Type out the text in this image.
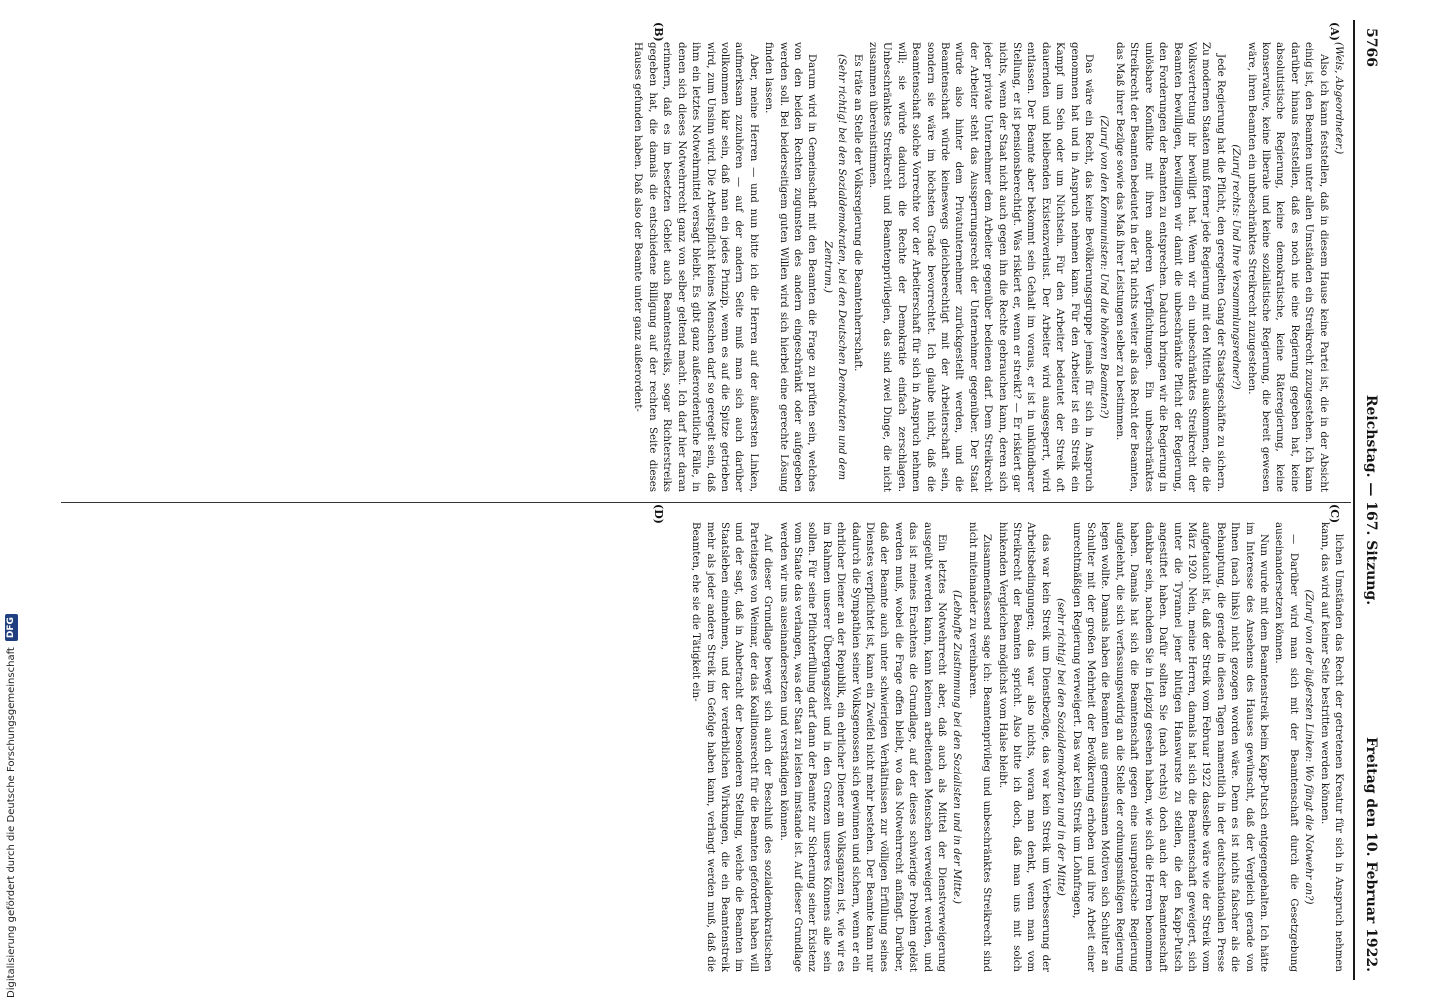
5766
Reichstag. — 167. Sitzung.
Freitag den 10. Februar 1922.
(A)
(B)
(C)
(D)

(Wels, Abgeordneter.)

Also ich kann feststellen, daß in diesem Hause keine Partei ist, die in der Absicht einig ist, den Beamten unter allen Umständen ein Streikrecht zuzugestehen. Ich kann darüber hinaus feststellen, daß es noch nie eine Regierung gegeben hat, keine absolutistische Regierung, keine demokratische, keine Räteregierung, keine konservative, keine liberale und keine sozialistische Regierung, die bereit gewesen wäre, ihren Beamten ein unbeschränktes Streikrecht zuzugestehen.

(Zuruf rechts: Und Ihre Versammlungsredner?)

Jede Regierung hat die Pflicht, den geregelten Gang der Staatsgeschäfte zu sichern. Zu modernen Staaten muß ferner jede Regierung mit den Mitteln auskommen, die die Volksvertretung ihr bewilligt hat. Wenn wir ein unbeschränktes Streikrecht der Beamten bewilligen, bewilligen wir damit die unbeschränkte Pflicht der Regierung, den Forderungen der Beamten zu entsprechen. Dadurch bringen wir die Regierung in unlösbare Konflikte mit ihren anderen Verpflichtungen. Ein unbeschränktes Streikrecht der Beamten bedeutet in der Tat nichts weiter als das Recht der Beamten, das Maß ihrer Bezüge sowie das Maß ihrer Leistungen selber zu bestimmen.

(Zuruf von den Kommunisten: Und die höheren Beamten?)

Das wäre ein Recht, das keine Bevölkerungsgruppe jemals für sich in Anspruch genommen hat und in Anspruch nehmen kann. Für den Arbeiter ist ein Streik ein Kampf um Sein oder um Nichtsein. Für den Arbeiter bedeutet der Streik oft dauernden und bleibenden Existenzverlust. Der Arbeiter wird ausgesperrt, wird entlassen. Der Beamte aber bekommt sein Gehalt im voraus, er ist in unkündbarer Stellung, er ist pensionsberechtigt. Was riskiert er, wenn er streikt? — Er riskiert gar nichts, wenn der Staat nicht auch gegen ihn die Rechte gebrauchen kann, deren sich jeder private Unternehmer dem Arbeiter gegenüber bedienen darf. Dem Streikrecht der Arbeiter steht das Aussperrungsrecht der Unternehmer gegenüber. Der Staat würde also hinter dem Privatunternehmer zurückgestellt werden, und die Beamtenschaft würde keineswegs gleichberechtigt mit der Arbeiterschaft sein, sondern sie wäre im höchsten Grade bevorrechtet. Ich glaube nicht, daß die Beamtenschaft solche Vorrechte vor der Arbeiterschaft für sich in Anspruch nehmen will; sie würde dadurch die Rechte der Demokratie einfach zerschlagen. Unbeschränktes Streikrecht und Beamtenprivilegien, das sind zwei Dinge, die nicht zusammen übereinstimmen.

Es träte an Stelle der Volksregierung die Beamtenherrschaft.

(Sehr richtig! bei den Sozialdemokraten, bei den Deutschen Demokraten und dem Zentrum.)

Darum wird in Gemeinschaft mit den Beamten die Frage zu prüfen sein, welches von den beiden Rechten zugunsten des andern eingeschränkt oder aufgegeben werden soll. Bei beiderseitigem guten Willen wird sich hierbei eine gerechte Lösung finden lassen.

Aber, meine Herren — und nun bitte ich die Herren auf der äußersten Linken, aufmerksam zuzuhören — auf der andern Seite muß man sich auch darüber vollkommen klar sein, daß man ein jedes Prinzip, wenn es auf die Spitze getrieben wird, zum Unsinn wird. Die Arbeitspflicht keines Menschen darf so geregelt sein, daß ihm ein letztes Notwehrmittel versagt bleibt. Es gibt ganz außerordentliche Fälle, in denen sich dieses Notwehrrecht ganz von selber geltend macht. Ich darf hier daran erinnern, daß es im besetzten Gebiet auch Beamtenstreiks, sogar Richterstreiks gegeben hat, die damals die entschiedene Billigung auf der rechten Seite dieses Hauses gefunden haben. Daß also der Beamte unter ganz außerordent-

lichen Umständen das Recht der getretenen Kreatur für sich in Anspruch nehmen kann, das wird auf keiner Seite bestritten werden können.

(Zuruf von der äußersten Linken: Wo fängt die Notwehr an?)

— Darüber wird man sich mit der Beamtenschaft durch die Gesetzgebung auseinandersetzen können.

Nun wurde mit dem Beamtenstreik beim Kapp-Putsch entgegengehalten. Ich hätte im Interesse des Ansehens des Hauses gewünscht, daß der Vergleich gerade von Ihnen (nach links) nicht gezogen worden wäre. Denn es ist nichts falscher als die Behauptung, die gerade in diesen Tagen namentlich in der deutschnationalen Presse aufgetaucht ist, daß der Streik vom Februar 1922 dasselbe wäre wie der Streik vom März 1920. Nein, meine Herren, damals hat sich die Beamtenschaft geweigert, sich unter die Tyrannei jener blutigen Hanswurste zu stellen, die den Kapp-Putsch angestiftet haben. Dafür sollten Sie (nach rechts) doch auch der Beamtenschaft dankbar sein, nachdem Sie in Leipzig gesehen haben, wie sich die Herren benommen haben. Damals hat sich die Beamtenschaft gegen eine usurpatorische Regierung aufgelehnt, die sich verfassungswidrig an die Stelle der ordnungsmäßigen Regierung legen wollte. Damals haben die Beamten aus gemeinsamen Motiven sich Schulter an Schulter mit der großen Mehrheit der Bevölkerung erhoben und ihre Arbeit einer unrechtmäßigen Regierung verweigert. Das war kein Streik um Lohnfragen,

(sehr richtig! bei den Sozialdemokraten und in der Mitte)

das war kein Streik um Dienstbezüge, das war kein Streik um Verbesserung der Arbeitsbedingungen; das war also nichts, woran man denkt, wenn man vom Streikrecht der Beamten spricht. Also bitte ich doch, daß man uns mit solch hinkenden Vergleichen möglichst vom Halse bleibt.

Zusammenfassend sage ich: Beamtenprivileg und unbeschränktes Streikrecht sind nicht miteinander zu vereinbaren.

(Lebhafte Zustimmung bei den Sozialisten und in der Mitte.)

Ein letztes Notwehrrecht aber, daß auch als Mittel der Dienstverweigerung ausgeübt werden kann, kann keinem arbeitenden Menschen verweigert werden, und das ist meines Erachtens die Grundlage, auf der dieses schwierige Problem gelöst werden muß, wobei die Frage offen bleibt, wo das Notwehrrecht anfängt. Darüber, daß der Beamte auch unter schwierigen Verhältnissen zur völligen Erfüllung seines Dienstes verpflichtet ist, kann ein Zweifel nicht mehr bestehen. Der Beamte kann nur dadurch die Sympathien seiner Volksgenossen sich gewinnen und sichern, wenn er ein ehrlicher Diener an der Republik, ein ehrlicher Diener am Volksganzen ist, wie wir es im Rahmen unserer Übergangszeit und in den Grenzen unseres Könnens alle sein sollen. Für seine Pflichterfüllung darf dann der Beamte zur Sicherung seiner Existenz vom Staate das verlangen, was der Staat zu leisten imstande ist. Auf dieser Grundlage werden wir uns auseinandersetzen und verständigen können.

Auf dieser Grundlage bewegt sich auch der Beschluß des sozialdemokratischen Parteitages von Weimar, der das Koalitionsrecht für die Beamten gefordert haben will und der sagt, daß in Anbetracht der besonderen Stellung, welche die Beamten im Staatsleben einnehmen, und der verderblichen Wirkungen, die ein Beamtenstreik mehr als jeder andere Streik im Gefolge haben kann, verlangt werden muß, daß die Beamten, ehe sie die Tätigkeit ein-

Digitalisierung gefördert durch die Deutsche Forschungsgemeinschaft
DFG
